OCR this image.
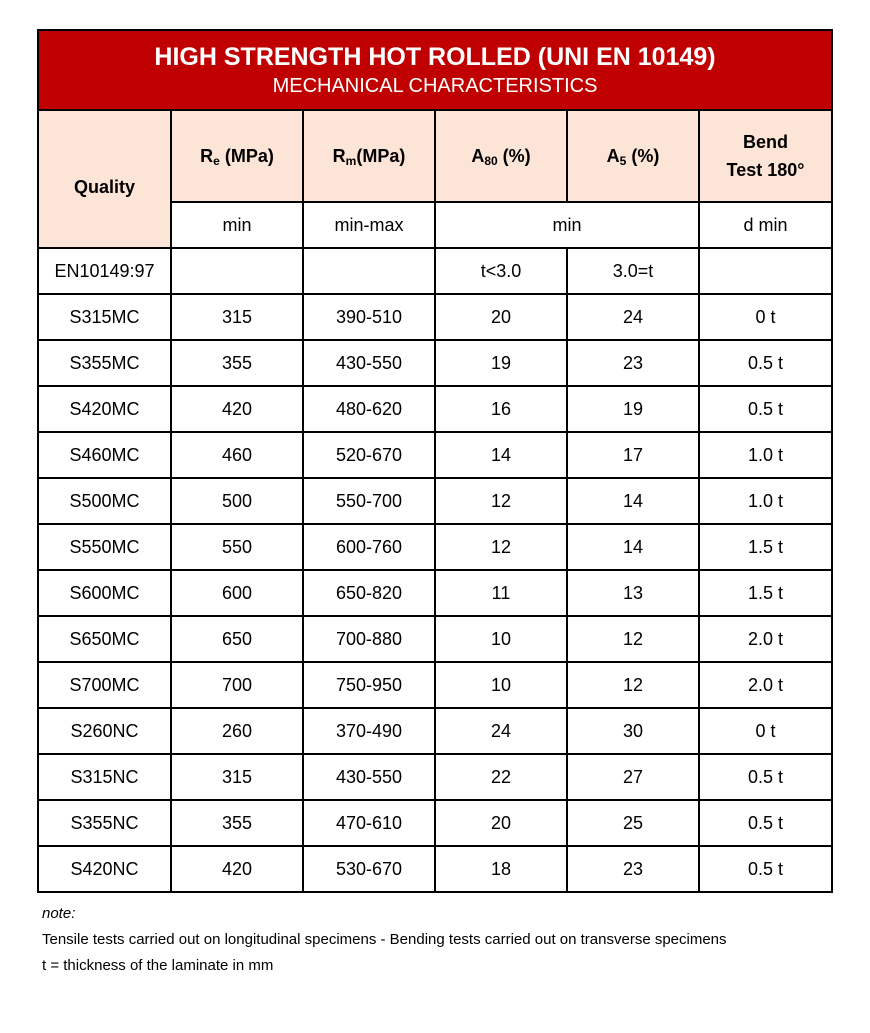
HIGH STRENGTH HOT ROLLED (UNI EN 10149)
MECHANICAL CHARACTERISTICS					

Quality	$R_e$ (MPa)	$R_m(MPa)$	$A_{80}$ (%)	$A_5$ (%)	Bend
Test 180°
	min	min-max	min		d min
EN10149:97			t<3.0	3.0=t	
S315MC	315	390-510	20	24	0 t
S355MC	355	430-550	19	23	0.5 t
S420MC	420	480-620	16	19	0.5 t
S460MC	460	520-670	14	17	1.0 t
S500MC	500	550-700	12	14	1.0 t
S550MC	550	600-760	12	14	1.5 t
S600MC	600	650-820	11	13	1.5 t
S650MC	650	700-880	10	12	2.0 t
S700MC	700	750-950	10	12	2.0 t
S260NC	260	370-490	24	30	0 t
S315NC	315	430-550	22	27	0.5 t
S355NC	355	470-610	20	25	0.5 t
S420NC	420	530-670	18	23	0.5 t
note:
Tensile tests carried out on longitudinal specimens - Bending tests carried out on transverse specimens
t = thickness of the laminate in mm
